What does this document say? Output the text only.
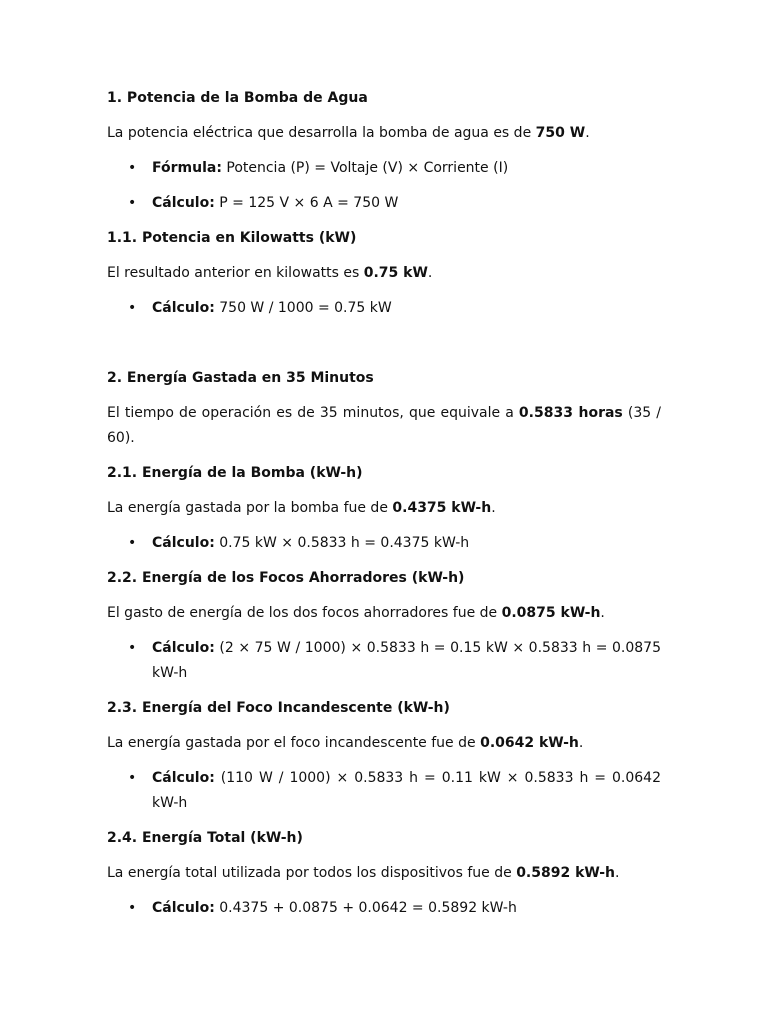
1. Potencia de la Bomba de Agua
La potencia eléctrica que desarrolla la bomba de agua es de 750 W.
• Fórmula: Potencia (P) = Voltaje (V) × Corriente (I)
• Cálculo: P = 125 V × 6 A = 750 W
1.1. Potencia en Kilowatts (kW)
El resultado anterior en kilowatts es 0.75 kW.
• Cálculo: 750 W / 1000 = 0.75 kW
2. Energía Gastada en 35 Minutos
El tiempo de operación es de 35 minutos, que equivale a 0.5833 horas (35 / 60).
2.1. Energía de la Bomba (kW-h)
La energía gastada por la bomba fue de 0.4375 kW-h.
• Cálculo: 0.75 kW × 0.5833 h = 0.4375 kW-h
2.2. Energía de los Focos Ahorradores (kW-h)
El gasto de energía de los dos focos ahorradores fue de 0.0875 kW-h.
• Cálculo: (2 × 75 W / 1000) × 0.5833 h = 0.15 kW × 0.5833 h = 0.0875 kW-h
2.3. Energía del Foco Incandescente (kW-h)
La energía gastada por el foco incandescente fue de 0.0642 kW-h.
• Cálculo: (110 W / 1000) × 0.5833 h = 0.11 kW × 0.5833 h = 0.0642 kW-h
2.4. Energía Total (kW-h)
La energía total utilizada por todos los dispositivos fue de 0.5892 kW-h.
• Cálculo: 0.4375 + 0.0875 + 0.0642 = 0.5892 kW-h
